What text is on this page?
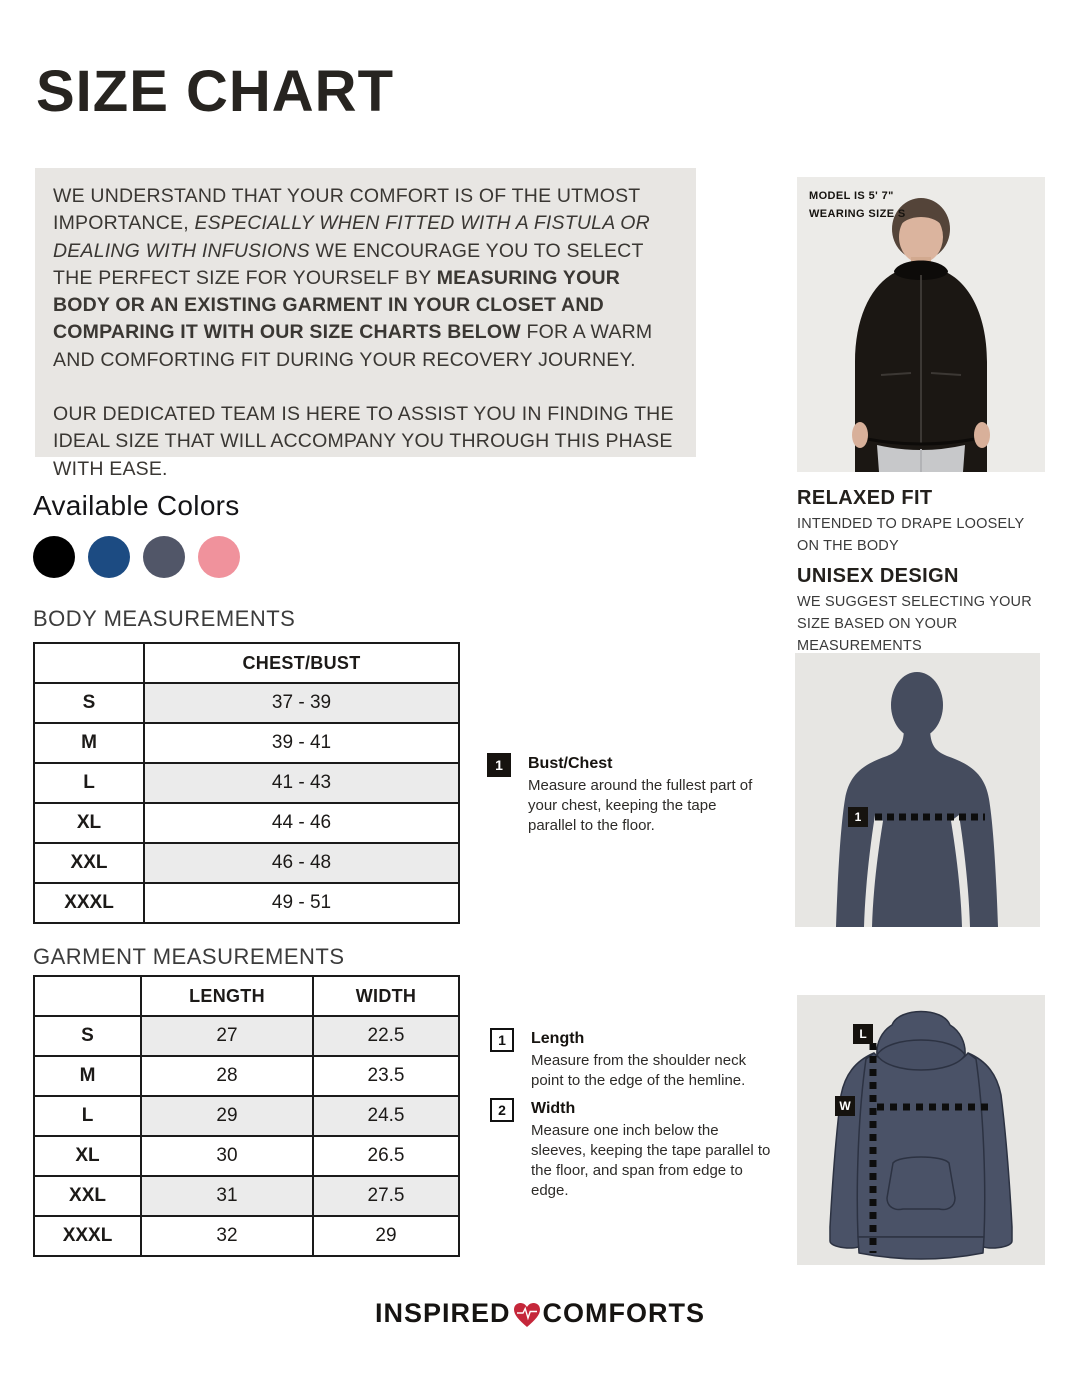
SIZE CHART

WE UNDERSTAND THAT YOUR COMFORT IS OF THE UTMOST IMPORTANCE, ESPECIALLY WHEN FITTED WITH A FISTULA OR DEALING WITH INFUSIONS WE ENCOURAGE YOU TO SELECT THE PERFECT SIZE FOR YOURSELF BY MEASURING YOUR BODY OR AN EXISTING GARMENT IN YOUR CLOSET AND COMPARING IT WITH OUR SIZE CHARTS BELOW FOR A WARM AND COMFORTING FIT DURING YOUR RECOVERY JOURNEY.

OUR DEDICATED TEAM IS HERE TO ASSIST YOU IN FINDING THE IDEAL SIZE THAT WILL ACCOMPANY YOU THROUGH THIS PHASE WITH EASE.

MODEL IS 5' 7"
WEARING SIZE S
RELAXED FIT
INTENDED TO DRAPE LOOSELY ON THE BODY
UNISEX DESIGN
WE SUGGEST SELECTING YOUR SIZE BASED ON YOUR MEASUREMENTS
Available Colors
BODY MEASUREMENTS
	CHEST/BUST
S	37 - 39
M	39 - 41
L	41 - 43
XL	44 - 46
XXL	46 - 48
XXXL	49 - 51
1	Bust/Chest
Measure around the fullest part of your chest, keeping the tape parallel to the floor.	1
GARMENT MEASUREMENTS
	LENGTH	WIDTH
S	27	22.5
M	28	23.5
L	29	24.5
XL	30	26.5
XXL	31	27.5
XXXL	32	29
1	Length
Measure from the shoulder neck point to the edge of the hemline.
2	Width
Measure one inch below the sleeves, keeping the tape parallel to the floor, and span from edge to edge.
L
W
INSPIRED COMFORTS
